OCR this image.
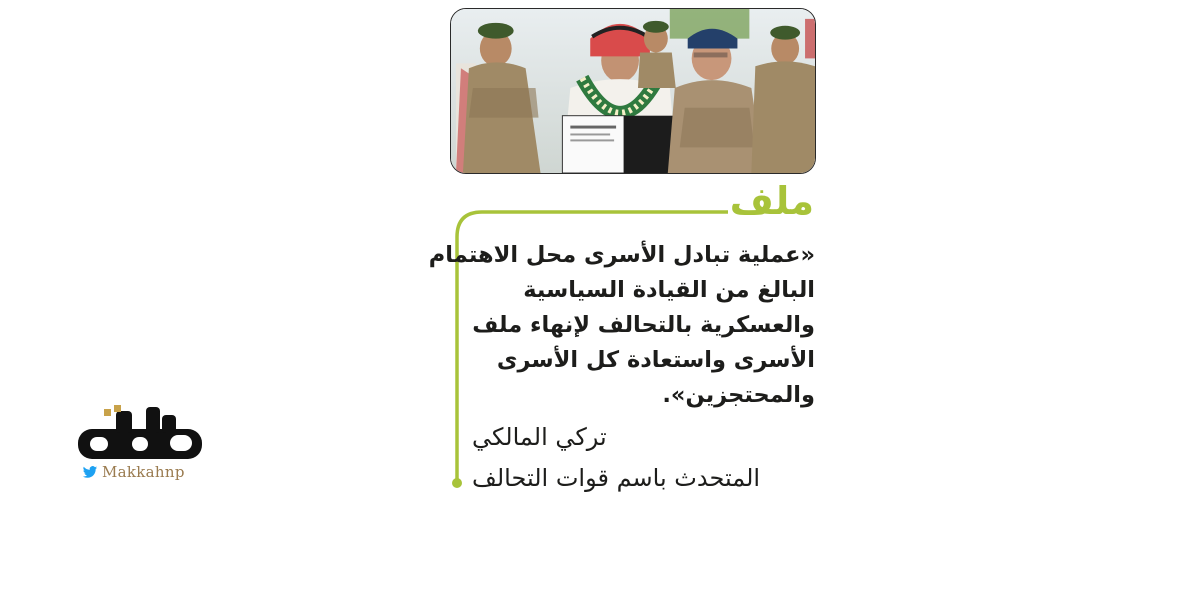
ملف
«عملية تبادل الأسرى محل الاهتمام
البالغ من القيادة السياسية
والعسكرية بالتحالف لإنهاء ملف
الأسرى واستعادة كل الأسرى
والمحتجزين».
تركي المالكي
المتحدث باسم قوات التحالف
Makkahnp
